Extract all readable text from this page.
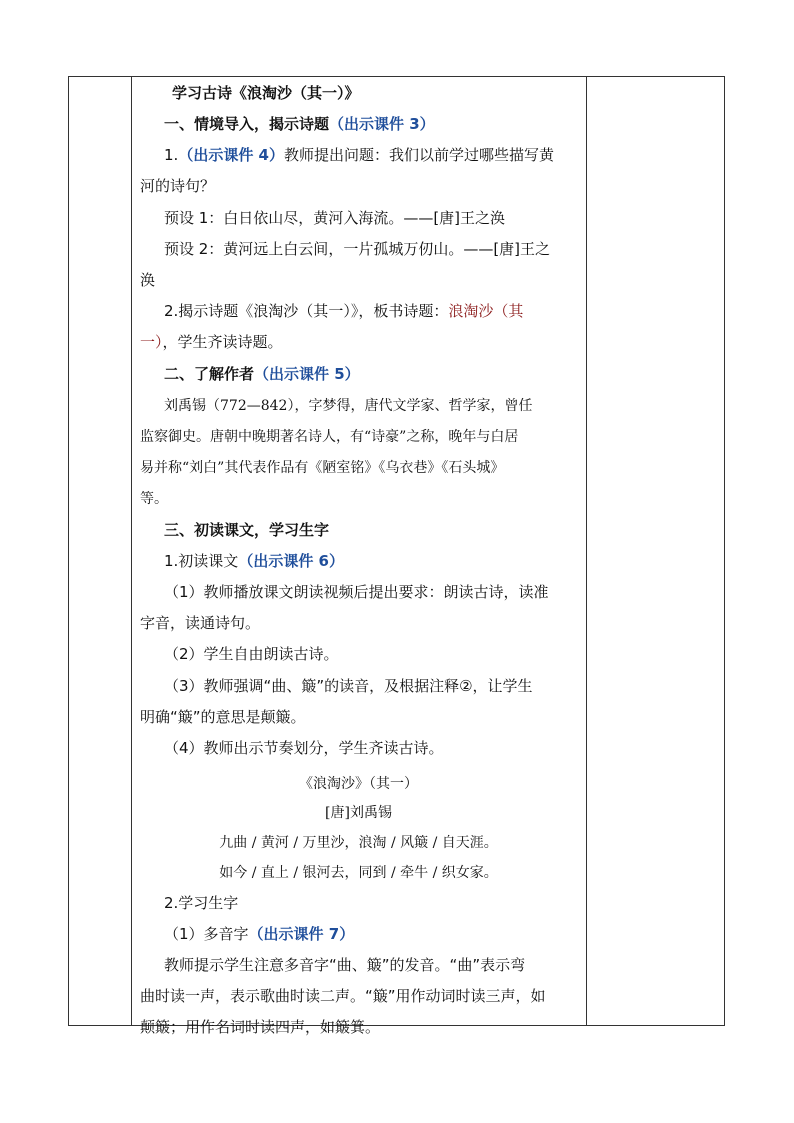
学习古诗《浪淘沙（其一）》
一、情境导入，揭示诗题（出示课件 3）
1.（出示课件 4）教师提出问题：我们以前学过哪些描写黄
河的诗句？
预设 1：白日依山尽，黄河入海流。——[唐]王之涣
预设 2：黄河远上白云间，一片孤城万仞山。——[唐]王之
涣
2.揭示诗题《浪淘沙（其一）》，板书诗题：浪淘沙（其
一），学生齐读诗题。
二、了解作者（出示课件 5）
刘禹锡（772—842），字梦得，唐代文学家、哲学家，曾任
监察御史。唐朝中晚期著名诗人，有“诗豪”之称，晚年与白居
易并称“刘白”其代表作品有《陋室铭》《乌衣巷》《石头城》
等。
三、初读课文，学习生字
1.初读课文（出示课件 6）
（1）教师播放课文朗读视频后提出要求：朗读古诗，读准
字音，读通诗句。
（2）学生自由朗读古诗。
（3）教师强调“曲、簸”的读音，及根据注释②，让学生
明确“簸”的意思是颠簸。
（4）教师出示节奏划分，学生齐读古诗。
《浪淘沙》（其一）
[唐]刘禹锡
九曲 / 黄河 / 万里沙，浪淘 / 风簸 / 自天涯。
如今 / 直上 / 银河去，同到 / 牵牛 / 织女家。
2.学习生字
（1）多音字（出示课件 7）
教师提示学生注意多音字“曲、簸”的发音。“曲”表示弯
曲时读一声，表示歌曲时读二声。“簸”用作动词时读三声，如
颠簸；用作名词时读四声，如簸箕。
